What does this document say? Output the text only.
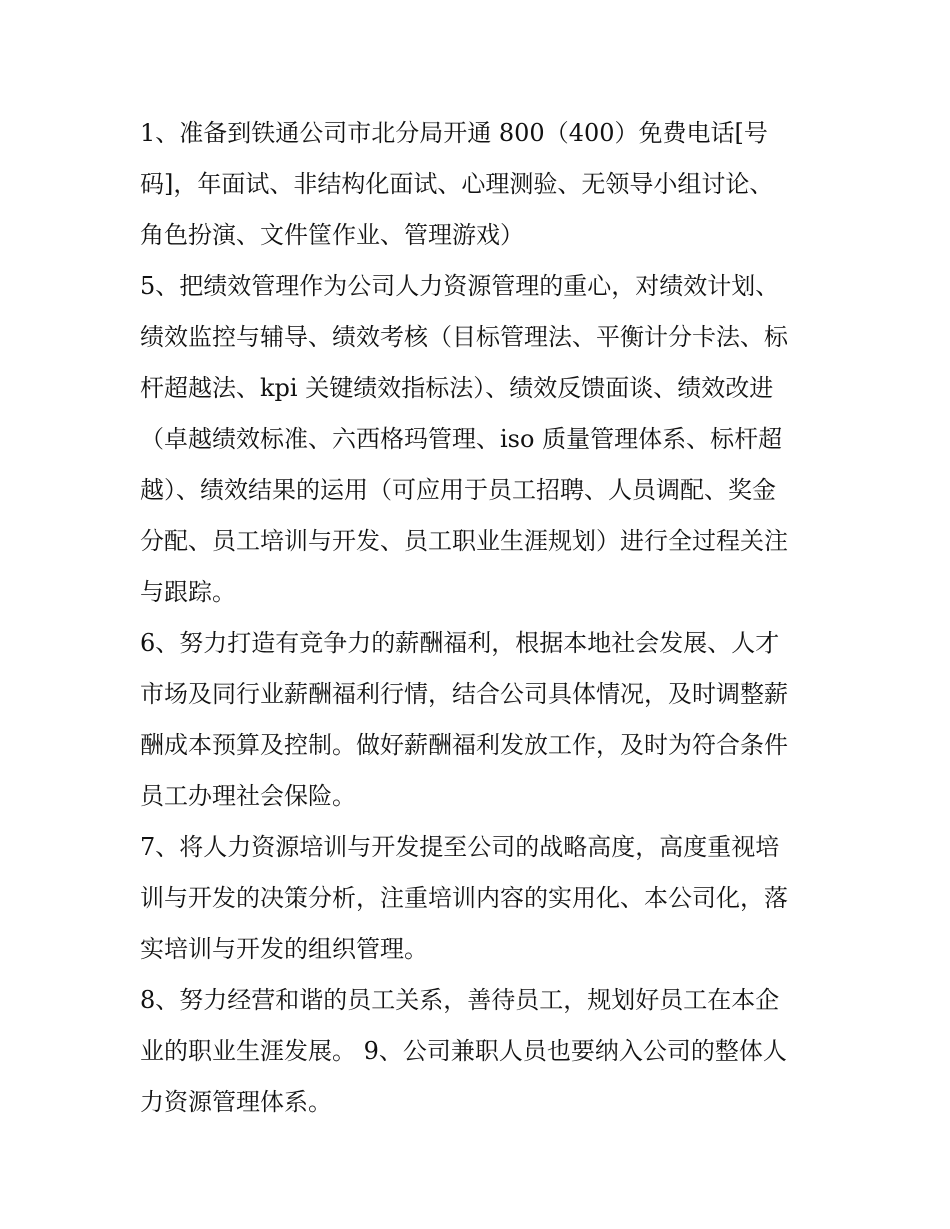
1、准备到铁通公司市北分局开通 800（400）免费电话[号
码]，年面试、非结构化面试、心理测验、无领导小组讨论、
角色扮演、文件筐作业、管理游戏）
5、把绩效管理作为公司人力资源管理的重心，对绩效计划、
绩效监控与辅导、绩效考核（目标管理法、平衡计分卡法、标
杆超越法、kpi 关键绩效指标法）、绩效反馈面谈、绩效改进
（卓越绩效标准、六西格玛管理、iso 质量管理体系、标杆超
越）、绩效结果的运用（可应用于员工招聘、人员调配、奖金
分配、员工培训与开发、员工职业生涯规划）进行全过程关注
与跟踪。
6、努力打造有竞争力的薪酬福利，根据本地社会发展、人才
市场及同行业薪酬福利行情，结合公司具体情况，及时调整薪
酬成本预算及控制。做好薪酬福利发放工作，及时为符合条件
员工办理社会保险。
7、将人力资源培训与开发提至公司的战略高度，高度重视培
训与开发的决策分析，注重培训内容的实用化、本公司化，落
实培训与开发的组织管理。
8、努力经营和谐的员工关系，善待员工，规划好员工在本企
业的职业生涯发展。 9、公司兼职人员也要纳入公司的整体人
力资源管理体系。
